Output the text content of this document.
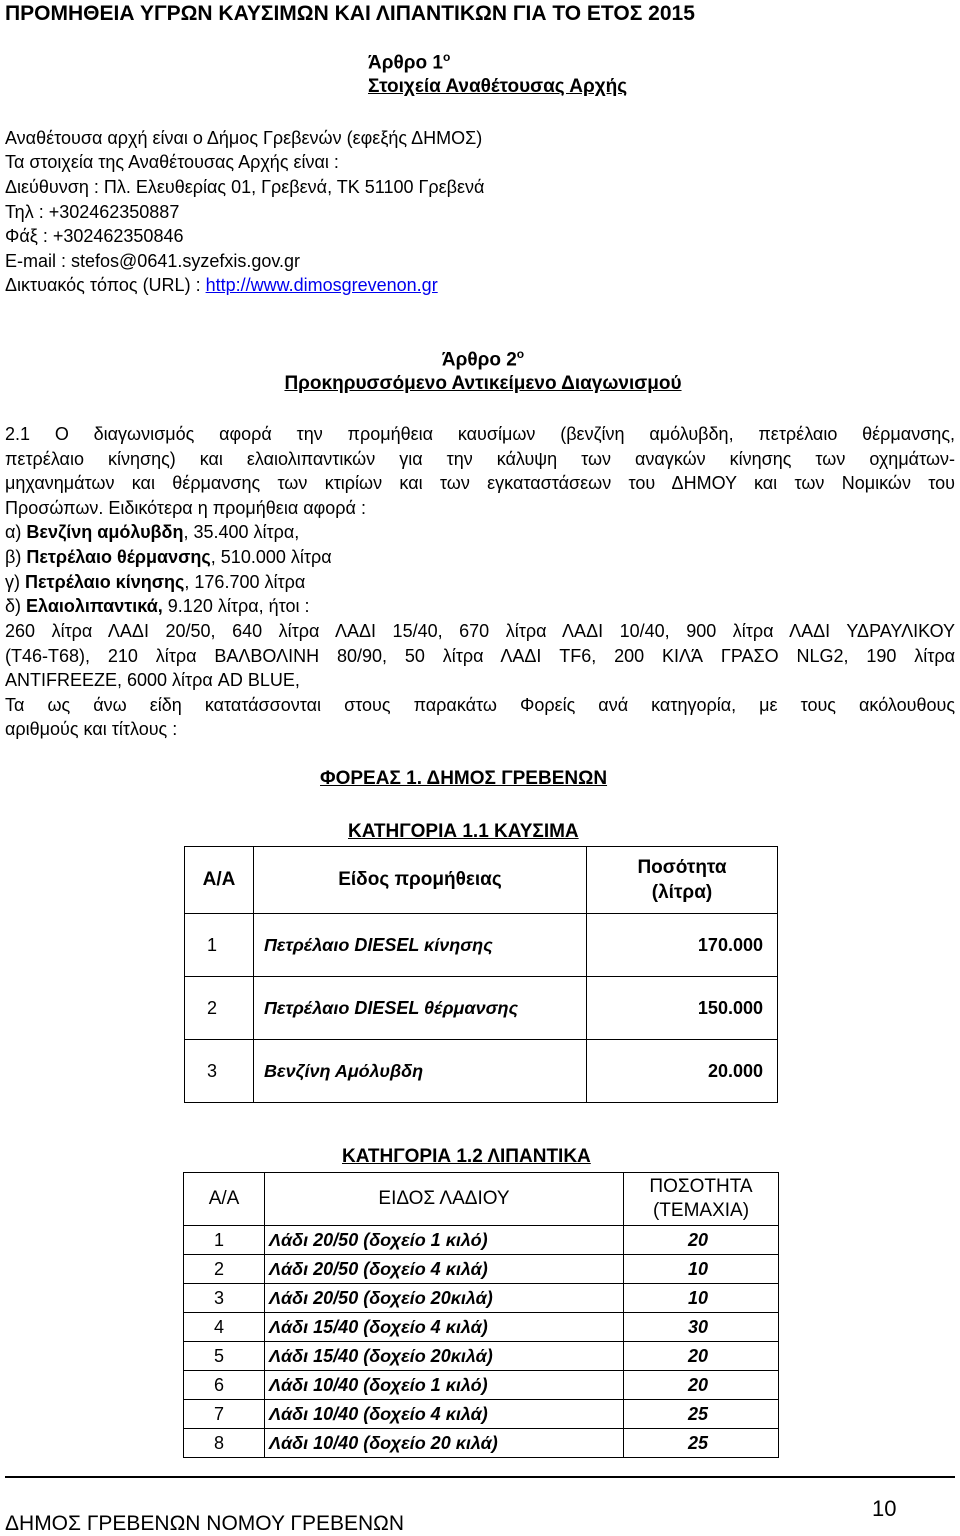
ΠΡΟΜΗΘΕΙΑ ΥΓΡΩΝ ΚΑΥΣΙΜΩΝ ΚΑΙ ΛΙΠΑΝΤΙΚΩΝ ΓΙΑ ΤΟ ΕΤΟΣ 2015
Άρθρο $1^o$
Στοιχεία Αναθέτουσας Αρχής
Αναθέτουσα αρχή είναι ο Δήμος Γρεβενών (εφεξής ΔΗΜΟΣ)
Τα στοιχεία της Αναθέτουσας Αρχής είναι :
Διεύθυνση : Πλ. Ελευθερίας 01, Γρεβενά, ΤΚ 51100 Γρεβενά
Τηλ : +302462350887
Φάξ : +302462350846
E-mail : stefos@0641.syzefxis.gov.gr
Δικτυακός τόπος (URL) : http://www.dimosgrevenon.gr
Άρθρο $2^o$
Προκηρυσσόμενο Αντικείμενο Διαγωνισμού
2.1 Ο διαγωνισμός αφορά την προμήθεια καυσίμων (βενζίνη αμόλυβδη, πετρέλαιο θέρμανσης,
πετρέλαιο κίνησης) και ελαιολιπαντικών για την κάλυψη των αναγκών κίνησης των οχημάτων-
μηχανημάτων και θέρμανσης των κτιρίων και των εγκαταστάσεων του ΔΗΜΟΥ και των Νομικών του
Προσώπων. Ειδικότερα η προμήθεια αφορά :
α) Βενζίνη αμόλυβδη, 35.400 λίτρα,
β) Πετρέλαιο θέρμανσης, 510.000 λίτρα
γ) Πετρέλαιο κίνησης, 176.700 λίτρα
δ) Ελαιολιπαντικά, 9.120 λίτρα, ήτοι :
260 λίτρα ΛΑΔΙ 20/50, 640 λίτρα ΛΑΔΙ 15/40, 670 λίτρα ΛΑΔΙ 10/40, 900 λίτρα ΛΑΔΙ ΥΔΡΑΥΛΙΚΟΥ
(T46-T68), 210 λίτρα ΒΑΛΒΟΛΙΝΗ 80/90, 50 λίτρα ΛΑΔΙ TF6, 200 ΚΙΛΆ ΓΡΑΣΟ NLG2, 190 λίτρα
ANTIFREEZE, 6000 λίτρα AD BLUE,
Τα ως άνω είδη κατατάσσονται στους παρακάτω Φορείς ανά κατηγορία, με τους ακόλουθους
αριθμούς και τίτλους :
ΦΟΡΕΑΣ 1. ΔΗΜΟΣ ΓΡΕΒΕΝΩΝ
ΚΑΤΗΓΟΡΙΑ 1.1 ΚΑΥΣΙΜΑ
Α/Α	Είδος προμήθειας	Ποσότητα
(λίτρα)
1	Πετρέλαιο DIESEL κίνησης	170.000
2	Πετρέλαιο DIESEL θέρμανσης	150.000
3	Βενζίνη Αμόλυβδη	20.000
ΚΑΤΗΓΟΡΙΑ 1.2 ΛΙΠΑΝΤΙΚΑ
Α/Α	ΕΙΔΟΣ ΛΑΔΙΟΥ	ΠΟΣΟΤΗΤΑ
(ΤΕΜΑΧΙΑ)
1	Λάδι 20/50 (δοχείο 1 κιλό)	20
2	Λάδι 20/50 (δοχείο 4 κιλά)	10
3	Λάδι 20/50 (δοχείο 20κιλά)	10
4	Λάδι 15/40 (δοχείο 4 κιλά)	30
5	Λάδι 15/40 (δοχείο 20κιλά)	20
6	Λάδι 10/40 (δοχείο 1 κιλό)	20
7	Λάδι 10/40 (δοχείο 4 κιλά)	25
8	Λάδι 10/40 (δοχείο 20 κιλά)	25
ΔΗΜΟΣ ΓΡΕΒΕΝΩΝ ΝΟΜΟΥ ΓΡΕΒΕΝΩΝ
10
